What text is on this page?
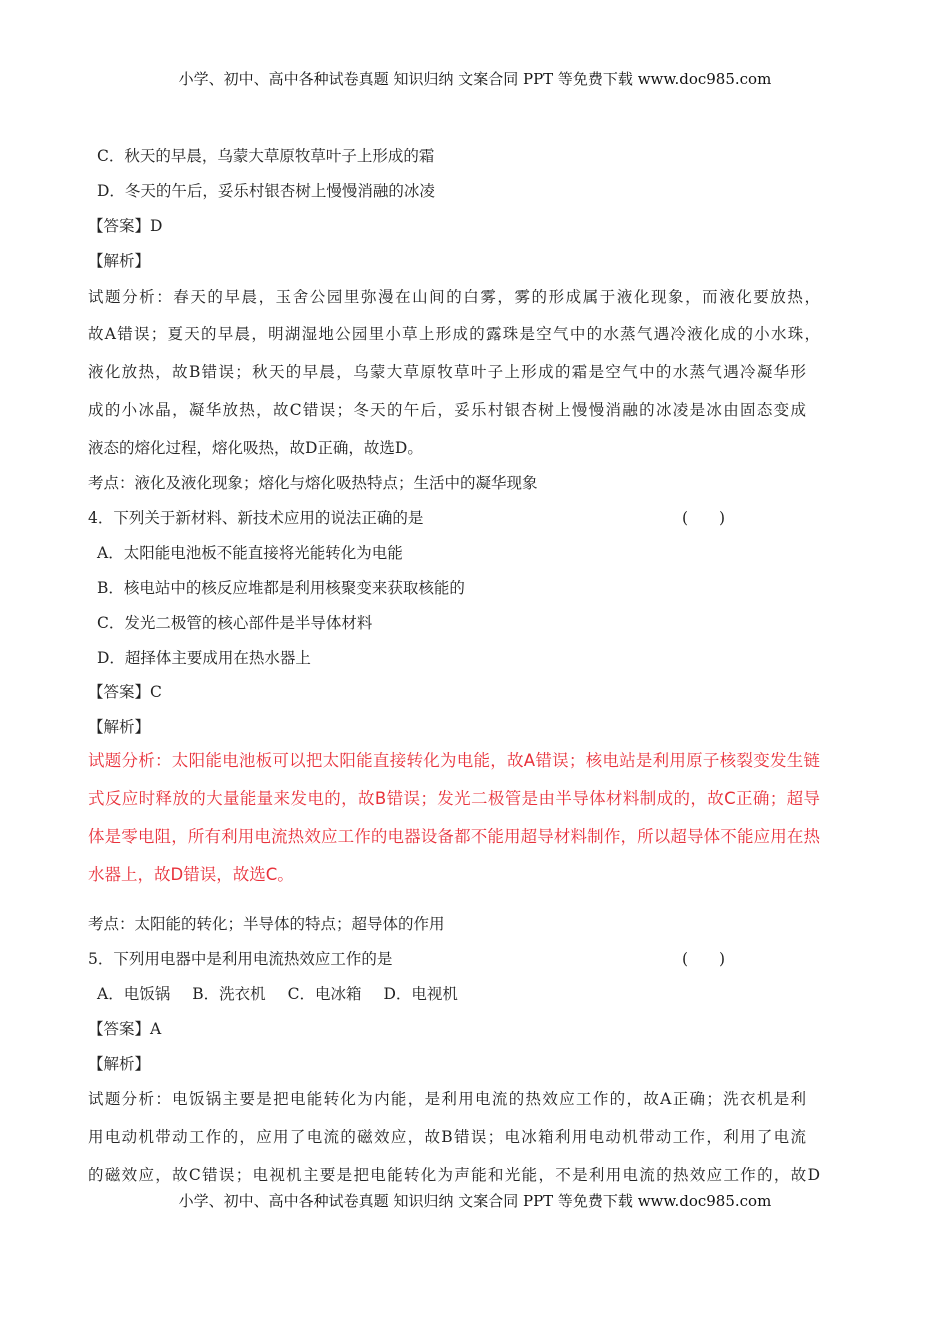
小学、初中、高中各种试卷真题 知识归纳 文案合同 PPT 等免费下载 www.doc985.com
C．秋天的早晨，乌蒙大草原牧草叶子上形成的霜
D．冬天的午后，妥乐村银杏树上慢慢消融的冰凌
【答案】D
【解析】
试题分析：春天的早晨，玉舍公园里弥漫在山间的白雾，雾的形成属于液化现象，而液化要放热，
故A错误；夏天的早晨，明湖湿地公园里小草上形成的露珠是空气中的水蒸气遇冷液化成的小水珠，
液化放热，故B错误；秋天的早晨，乌蒙大草原牧草叶子上形成的霜是空气中的水蒸气遇冷凝华形
成的小冰晶，凝华放热，故C错误；冬天的午后，妥乐村银杏树上慢慢消融的冰凌是冰由固态变成
液态的熔化过程，熔化吸热，故D正确，故选D。
考点：液化及液化现象；熔化与熔化吸热特点；生活中的凝华现象
4．下列关于新材料、新技术应用的说法正确的是	(　　)
A．太阳能电池板不能直接将光能转化为电能
B．核电站中的核反应堆都是利用核聚变来获取核能的
C．发光二极管的核心部件是半导体材料
D．超择体主要成用在热水器上
【答案】C
【解析】
试题分析：太阳能电池板可以把太阳能直接转化为电能，故A错误；核电站是利用原子核裂变发生链
式反应时释放的大量能量来发电的，故B错误；发光二极管是由半导体材料制成的，故C正确；超导
体是零电阻，所有利用电流热效应工作的电器设备都不能用超导材料制作，所以超导体不能应用在热
水器上，故D错误，故选C。
考点：太阳能的转化；半导体的特点；超导体的作用
5．下列用电器中是利用电流热效应工作的是	(　　)
A．电饭锅 B．洗衣机 C．电冰箱 D．电视机
【答案】A
【解析】
试题分析：电饭锅主要是把电能转化为内能，是利用电流的热效应工作的，故A正确；洗衣机是利
用电动机带动工作的，应用了电流的磁效应，故B错误；电冰箱利用电动机带动工作，利用了电流
的磁效应，故C错误；电视机主要是把电能转化为声能和光能，不是利用电流的热效应工作的，故D
小学、初中、高中各种试卷真题 知识归纳 文案合同 PPT 等免费下载 www.doc985.com
